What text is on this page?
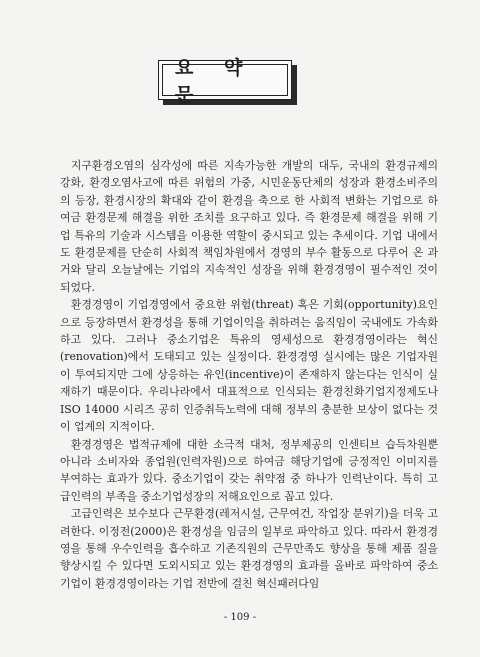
요 약 문

지구환경오염의 심각성에 따른 지속가능한 개발의 대두, 국내의 환경규제의 강화, 환경오염사고에 따른 위험의 가중, 시민운동단체의 성장과 환경소비주의의 등장, 환경시장의 확대와 같이 환경을 축으로 한 사회적 변화는 기업으로 하여금 환경문제 해결을 위한 조치를 요구하고 있다. 즉 환경문제 해결을 위해 기업 특유의 기술과 시스템을 이용한 역할이 중시되고 있는 추세이다. 기업 내에서도 환경문제를 단순히 사회적 책임차원에서 경영의 부수 활동으로 다루어 온 과거와 달리 오늘날에는 기업의 지속적인 성장을 위해 환경경영이 필수적인 것이 되었다.

환경경영이 기업경영에서 중요한 위험(threat) 혹은 기회(opportunity)요인으로 등장하면서 환경성을 통해 기업이익을 취하려는 움직임이 국내에도 가속화하고 있다. 그러나 중소기업은 특유의 영세성으로 환경경영이라는 혁신(renovation)에서 도태되고 있는 실정이다. 환경경영 실시에는 많은 기업자원이 투여되지만 그에 상응하는 유인(incentive)이 존재하지 않는다는 인식이 실재하기 때문이다. 우리나라에서 대표적으로 인식되는 환경친화기업지정제도나 ISO 14000 시리즈 공히 인증취득노력에 대해 정부의 충분한 보상이 없다는 것이 업계의 지적이다.

환경경영은 법적규제에 대한 소극적 대처, 정부제공의 인센티브 습득차원뿐 아니라 소비자와 종업원(인력자원)으로 하여금 해당기업에 긍정적인 이미지를 부여하는 효과가 있다. 중소기업이 갖는 취약점 중 하나가 인력난이다. 특히 고급인력의 부족을 중소기업성장의 저해요인으로 꼽고 있다.

고급인력은 보수보다 근무환경(레저시설, 근무여건, 작업장 분위기)을 더욱 고려한다. 이정전(2000)은 환경성을 임금의 일부로 파악하고 있다. 따라서 환경경영을 통해 우수인력을 흡수하고 기존직원의 근무만족도 향상을 통해 제품 질을 향상시킬 수 있다면 도외시되고 있는 환경경영의 효과를 올바로 파악하여 중소기업이 환경경영이라는 기업 전반에 걸친 혁신패러다임

- 109 -
